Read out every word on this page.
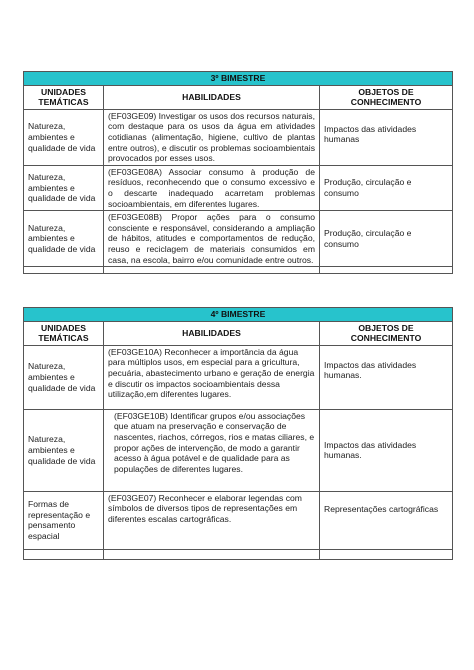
3º BIMESTRE		
UNIDADES TEMÁTICAS	HABILIDADES	OBJETOS DE CONHECIMENTO
Natureza, ambientes e qualidade de vida	(EF03GE09) Investigar os usos dos recursos naturais, com destaque para os usos da água em atividades cotidianas (alimentação, higiene, cultivo de plantas entre outros), e discutir os problemas socioambientais provocados por esses usos.	Impactos das atividades humanas
Natureza, ambientes e qualidade de vida	(EF03GE08A) Associar consumo à produção de resíduos, reconhecendo que o consumo excessivo e o descarte inadequado acarretam problemas socioambientais, em diferentes lugares.	Produção, circulação e consumo
Natureza, ambientes e qualidade de vida	(EF03GE08B) Propor ações para o consumo consciente e responsável, considerando a ampliação de hábitos, atitudes e comportamentos de redução, reuso e reciclagem de materiais consumidos em casa, na escola, bairro e/ou comunidade entre outros.	Produção, circulação e consumo

4º BIMESTRE		
UNIDADES TEMÁTICAS	HABILIDADES	OBJETOS DE CONHECIMENTO
Natureza, ambientes e qualidade de vida	(EF03GE10A) Reconhecer a importância da água para múltiplos usos, em especial para a gricultura, pecuária, abastecimento urbano e geração de energia e discutir os impactos socioambientais dessa utilização,em diferentes lugares.	Impactos das atividades humanas.
Natureza, ambientes e qualidade de vida	(EF03GE10B) Identificar grupos e/ou associações que atuam na preservação e conservação de nascentes, riachos, córregos, rios e matas ciliares, e propor ações de intervenção, de modo a garantir acesso à água potável e de qualidade para as populações de diferentes lugares.	Impactos das atividades humanas.
Formas de representação e pensamento espacial	(EF03GE07) Reconhecer e elaborar legendas com símbolos de diversos tipos de representações em diferentes escalas cartográficas.	Representações cartográficas
